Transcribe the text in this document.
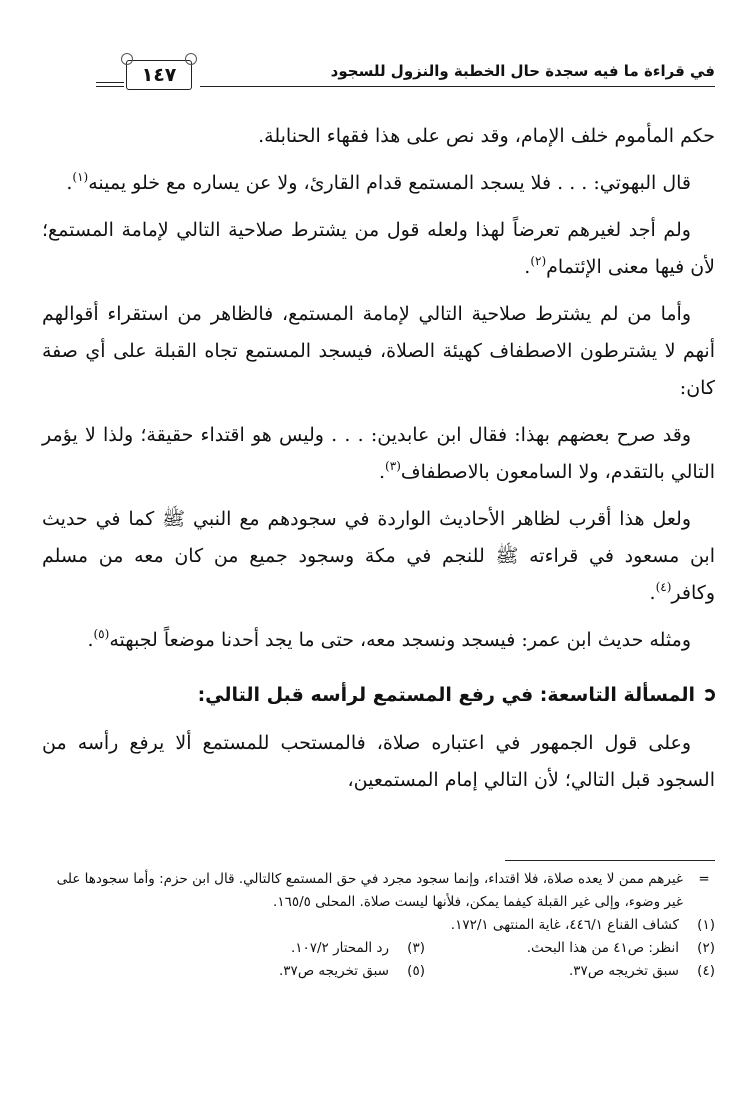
في قراءة ما فيه سجدة حال الخطبة والنزول للسجود
١٤٧

حكم المأموم خلف الإمام، وقد نص على هذا فقهاء الحنابلة.

قال البهوتي: . . . فلا يسجد المستمع قدام القارئ، ولا عن يساره مع خلو يمينه$^{(١)}$.

ولم أجد لغيرهم تعرضاً لهذا ولعله قول من يشترط صلاحية التالي لإمامة المستمع؛ لأن فيها معنى الإئتمام$^{(٢)}$.

وأما من لم يشترط صلاحية التالي لإمامة المستمع، فالظاهر من استقراء أقوالهم أنهم لا يشترطون الاصطفاف كهيئة الصلاة، فيسجد المستمع تجاه القبلة على أي صفة كان:

وقد صرح بعضهم بهذا: فقال ابن عابدين: . . . وليس هو اقتداء حقيقة؛ ولذا لا يؤمر التالي بالتقدم، ولا السامعون بالاصطفاف$^{(٣)}$.

ولعل هذا أقرب لظاهر الأحاديث الواردة في سجودهم مع النبي ﷺ كما في حديث ابن مسعود في قراءته ﷺ للنجم في مكة وسجود جميع من كان معه من مسلم وكافر$^{(٤)}$.

ومثله حديث ابن عمر: فيسجد ونسجد معه، حتى ما يجد أحدنا موضعاً لجبهته$^{(٥)}$.

المسألة التاسعة: في رفع المستمع لرأسه قبل التالي:

وعلى قول الجمهور في اعتباره صلاة، فالمستحب للمستمع ألا يرفع رأسه من السجود قبل التالي؛ لأن التالي إمام المستمعين،

=
غيرهم ممن لا يعده صلاة، فلا اقتداء، وإنما سجود مجرد في حق المستمع كالتالي. قال ابن حزم: وأما سجودها على غير وضوء، وإلى غير القبلة كيفما يمكن، فلأنها ليست صلاة. المحلى ١٦٥/٥.
(١)
كشاف القناع ٤٤٦/١، غاية المنتهى ١٧٢/١.
(٢)
انظر: ص٤١ من هذا البحث.
(٣)
رد المحتار ١٠٧/٢.
(٤)
سبق تخريجه ص٣٧.
(٥)
سبق تخريجه ص٣٧.
